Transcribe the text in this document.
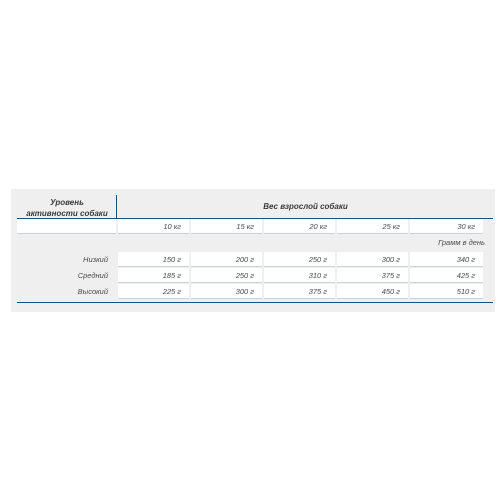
Уровень
активности собаки
Вес взрослой собаки
10 кг	15 кг	20 кг	25 кг	30 кг
Грамм в день
Низкий	150 г	200 г	250 г	300 г	340 г
Средний	185 г	250 г	310 г	375 г	425 г
Высокий	225 г	300 г	375 г	450 г	510 г
